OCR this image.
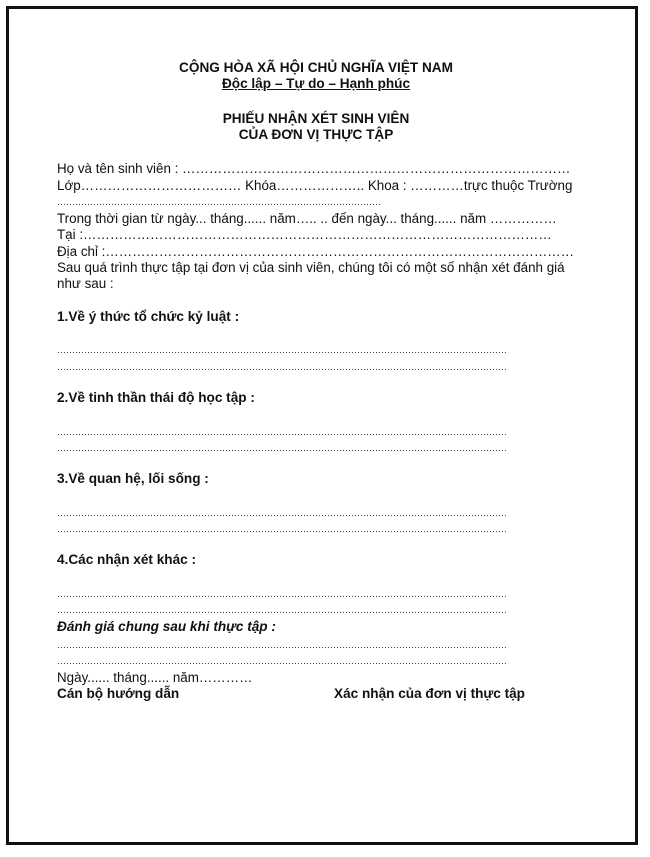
CỘNG HÒA XÃ HỘI CHỦ NGHĨA VIỆT NAM
Độc lập – Tự do – Hạnh phúc
PHIẾU NHẬN XÉT SINH VIÊN
CỦA ĐƠN VỊ THỰC TẬP
Họ và tên sinh viên : ……………………………………………………………………………
Lớp……………………………… Khóa……………….. Khoa : …………trực thuộc Trường
………………………………………………………………………………………………
Trong thời gian từ ngày... tháng...... năm….. .. đến ngày... tháng...... năm ……………
Tại :……………………………………………………………………………………………
Địa chỉ :……………………………………………………………………………………………
Sau quá trình thực tập tại đơn vị của sinh viên, chúng tôi có một số nhận xét đánh giá
như sau :
1.Về ý thức tổ chức kỷ luật :
……………………………………………………………………………………………………………………………………
……………………………………………………………………………………………………………………………………
2.Về tinh thần thái độ học tập :
……………………………………………………………………………………………………………………………………
……………………………………………………………………………………………………………………………………
3.Về quan hệ, lối sống :
……………………………………………………………………………………………………………………………………
……………………………………………………………………………………………………………………………………
4.Các nhận xét khác :
……………………………………………………………………………………………………………………………………
……………………………………………………………………………………………………………………………………
Đánh giá chung sau khi thực tập :
……………………………………………………………………………………………………………………………………
……………………………………………………………………………………………………………………………………
Ngày...... tháng...... năm…………
Cán bộ hướng dẫn	Xác nhận của đơn vị thực tập
